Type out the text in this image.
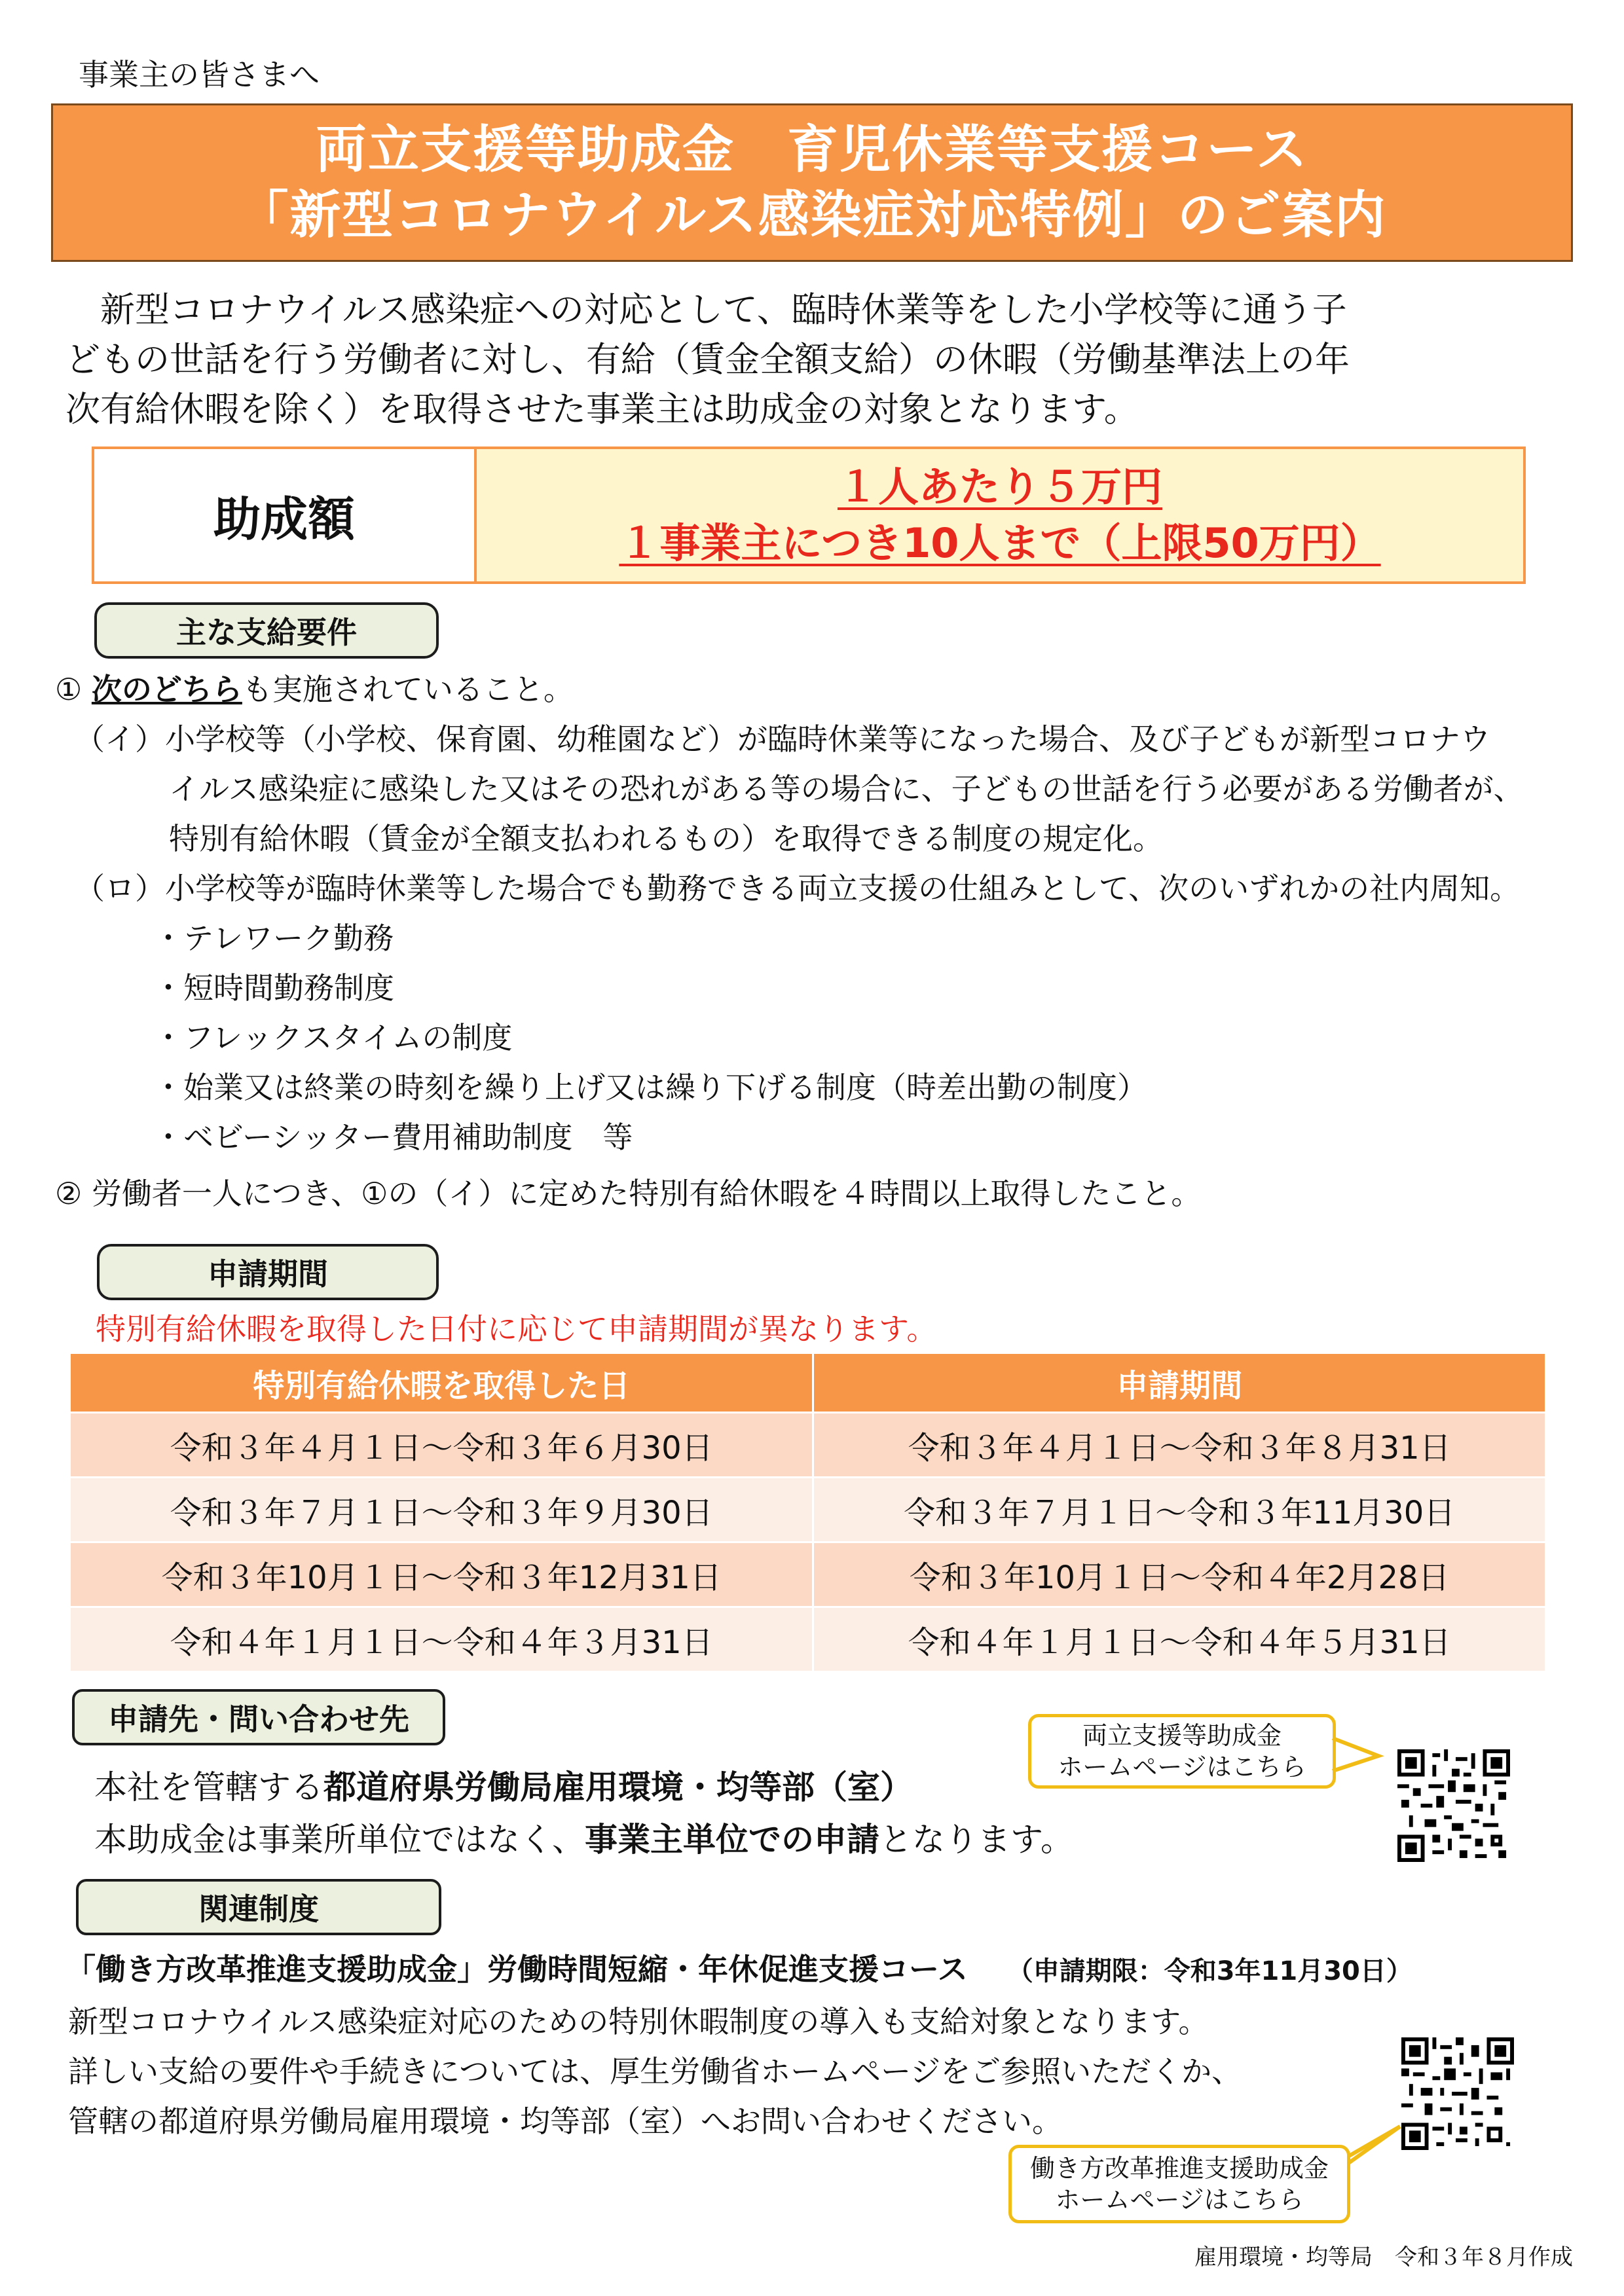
事業主の皆さまへ
両立支援等助成金　育児休業等支援コース
「新型コロナウイルス感染症対応特例」のご案内
　新型コロナウイルス感染症への対応として、臨時休業等をした小学校等に通う子
どもの世話を行う労働者に対し、有給（賃金全額支給）の休暇（労働基準法上の年
次有給休暇を除く）を取得させた事業主は助成金の対象となります。
助成額
１人あたり５万円
１事業主につき10人まで（上限50万円）
主な支給要件
① 次のどちらも実施されていること。
（イ）小学校等（小学校、保育園、幼稚園など）が臨時休業等になった場合、及び子どもが新型コロナウ
イルス感染症に感染した又はその恐れがある等の場合に、子どもの世話を行う必要がある労働者が、
特別有給休暇（賃金が全額支払われるもの）を取得できる制度の規定化。
（ロ）小学校等が臨時休業等した場合でも勤務できる両立支援の仕組みとして、次のいずれかの社内周知。
・テレワーク勤務
・短時間勤務制度
・フレックスタイムの制度
・始業又は終業の時刻を繰り上げ又は繰り下げる制度（時差出勤の制度）
・ベビーシッター費用補助制度　等
② 労働者一人につき、①の（イ）に定めた特別有給休暇を４時間以上取得したこと。
申請期間
特別有給休暇を取得した日付に応じて申請期間が異なります。
特別有給休暇を取得した日	申請期間
令和３年４月１日～令和３年６月30日	令和３年４月１日～令和３年８月31日
令和３年７月１日～令和３年９月30日	令和３年７月１日～令和３年11月30日
令和３年10月１日～令和３年12月31日	令和３年10月１日～令和４年2月28日
令和４年１月１日～令和４年３月31日	令和４年１月１日～令和４年５月31日
申請先・問い合わせ先
本社を管轄する都道府県労働局雇用環境・均等部（室）
本助成金は事業所単位ではなく、事業主単位での申請となります。
両立支援等助成金
ホームページはこちら
関連制度
「働き方改革推進支援助成金」労働時間短縮・年休促進支援コース （申請期限：令和3年11月30日）
新型コロナウイルス感染症対応のための特別休暇制度の導入も支給対象となります。
詳しい支給の要件や手続きについては、厚生労働省ホームページをご参照いただくか、
管轄の都道府県労働局雇用環境・均等部（室）へお問い合わせください。
働き方改革推進支援助成金
ホームページはこちら
雇用環境・均等局　令和３年８月作成
